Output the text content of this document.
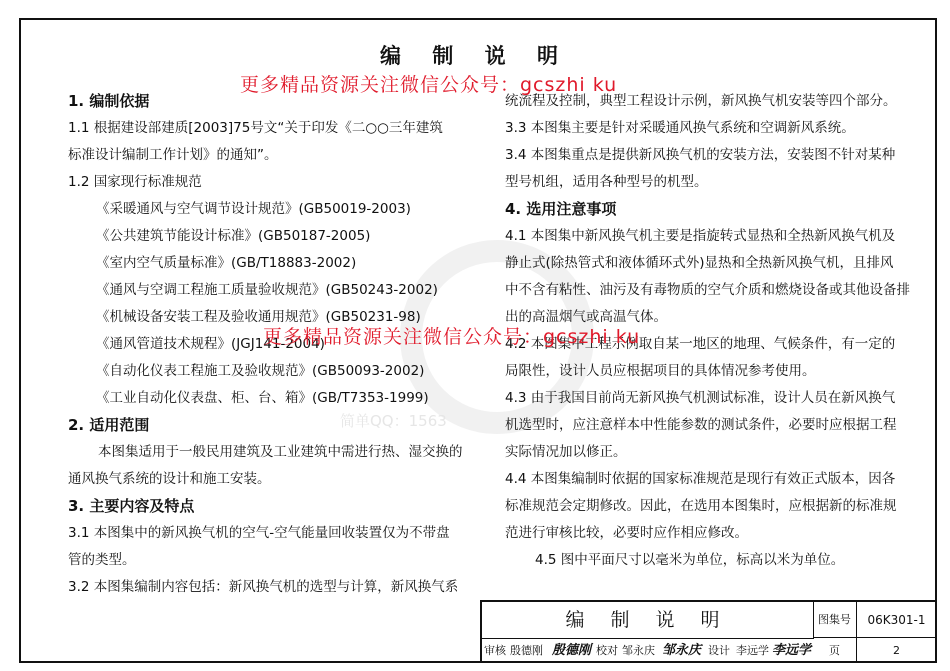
编 制 说 明

1. 编制依据

1.1 根据建设部建质[2003]75号文“关于印发《二○○三年建筑

标准设计编制工作计划》的通知”。

1.2 国家现行标准规范

《采暖通风与空气调节设计规范》(GB50019-2003)

《公共建筑节能设计标准》(GB50187-2005)

《室内空气质量标准》(GB/T18883-2002)

《通风与空调工程施工质量验收规范》(GB50243-2002)

《机械设备安装工程及验收通用规范》(GB50231-98)

《通风管道技术规程》(JGJ141-2004)

《自动化仪表工程施工及验收规范》(GB50093-2002)

《工业自动化仪表盘、柜、台、箱》(GB/T7353-1999)

2. 适用范围

本图集适用于一般民用建筑及工业建筑中需进行热、湿交换的

通风换气系统的设计和施工安装。

3. 主要内容及特点

3.1 本图集中的新风换气机的空气-空气能量回收装置仅为不带盘

管的类型。

3.2 本图集编制内容包括：新风换气机的选型与计算，新风换气系

统流程及控制，典型工程设计示例，新风换气机安装等四个部分。

3.3 本图集主要是针对采暖通风换气系统和空调新风系统。

3.4 本图集重点是提供新风换气机的安装方法，安装图不针对某种

型号机组，适用各种型号的机型。

4. 选用注意事项

4.1 本图集中新风换气机主要是指旋转式显热和全热新风换气机及

静止式(除热管式和液体循环式外)显热和全热新风换气机，且排风

中不含有粘性、油污及有毒物质的空气介质和燃烧设备或其他设备排

出的高温烟气或高温气体。

4.2 本图集中工程示例取自某一地区的地理、气候条件，有一定的

局限性，设计人员应根据项目的具体情况参考使用。

4.3 由于我国目前尚无新风换气机测试标准，设计人员在新风换气

机选型时，应注意样本中性能参数的测试条件，必要时应根据工程

实际情况加以修正。

4.4 本图集编制时依据的国家标准规范是现行有效正式版本，因各

标准规范会定期修改。因此，在选用本图集时，应根据新的标准规

范进行审核比较，必要时应作相应修改。

4.5 图中平面尺寸以毫米为单位，标高以米为单位。

更多精品资源关注微信公众号：gcszhi ku
更多精品资源关注微信公众号：gcszhi ku
简单QQ：1563
编 制 说 明	图集号	06K301-1
页	2
审核 殷德刚 殷德刚 校对 邹永庆 邹永庆 设计 李远学 李远学
